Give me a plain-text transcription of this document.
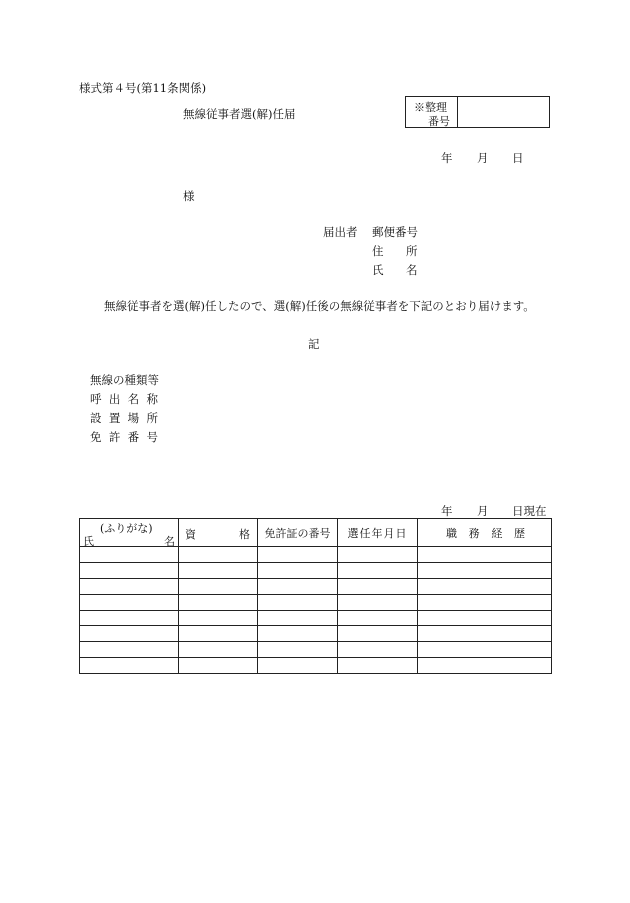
様式第４号(第11条関係)
無線従事者選(解)任届	※整理
番号
年 月 日
様
届出者 郵便番号
住 所
氏 名
無線従事者を選(解)任したので、選(解)任後の無線従事者を下記のとおり届けます。
記
無線の種類等
呼 出 名 称
設 置 場 所
免 許 番 号
年 月 日現在
(ふりがな)
氏 名	資 格	免許証の番号	選任年月日	職 務 経 歴
